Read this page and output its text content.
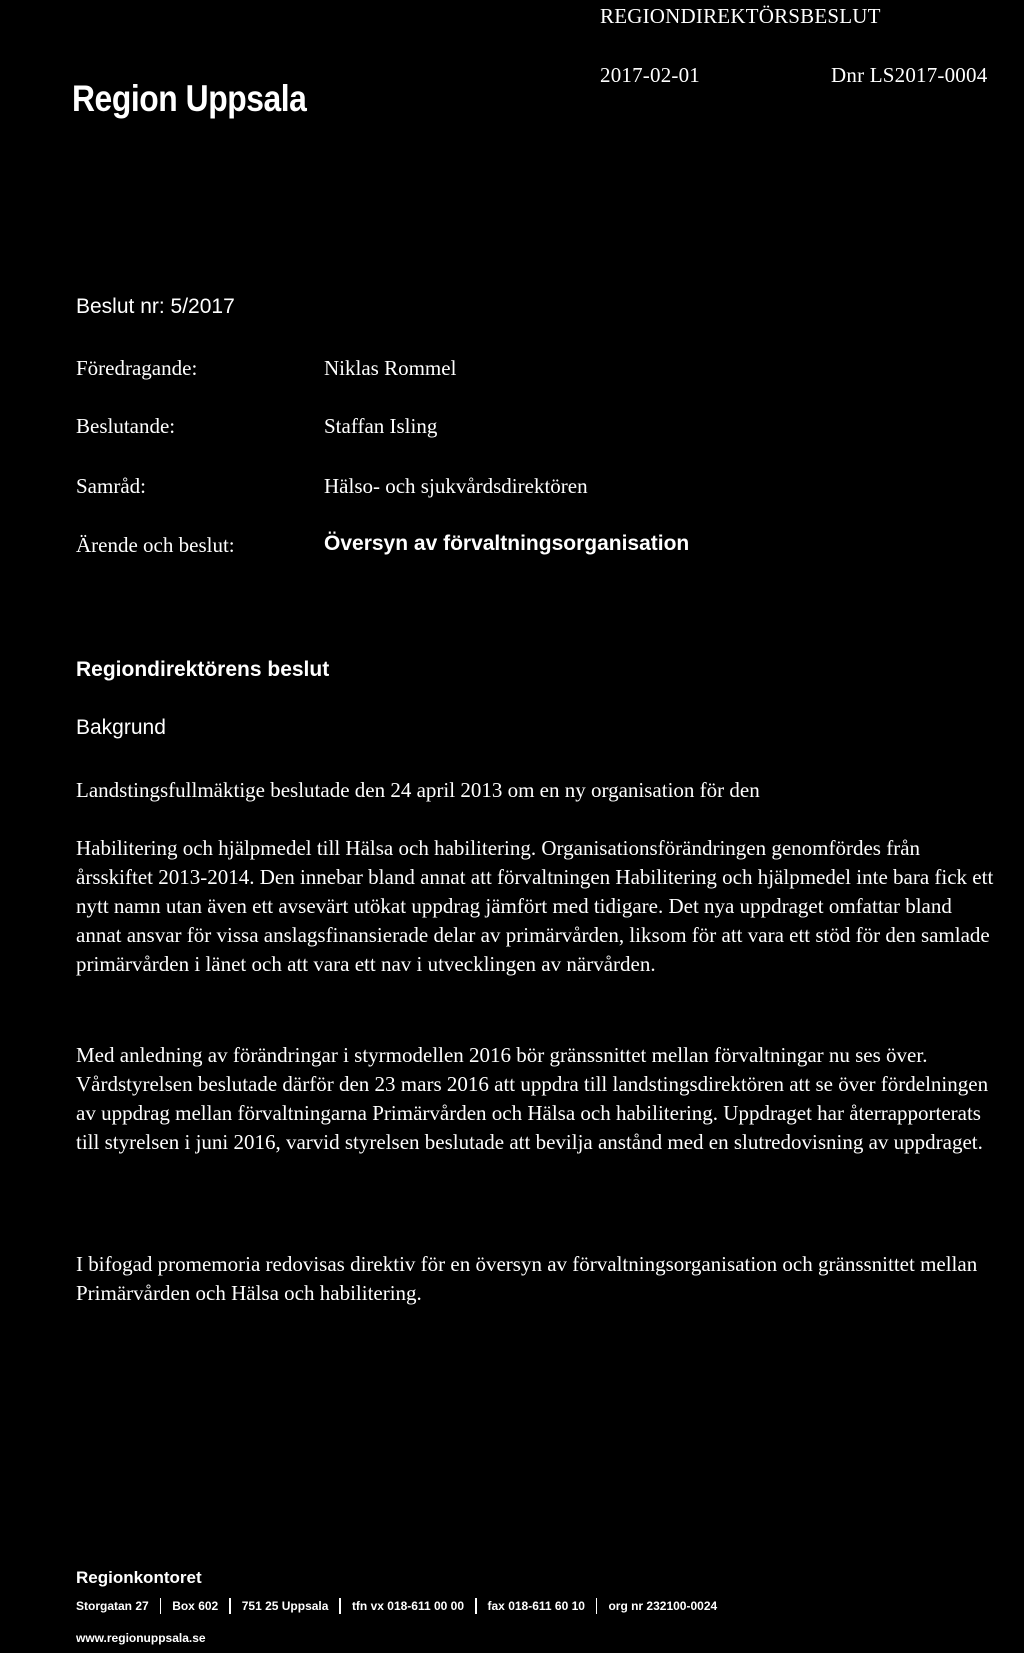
REGIONDIREKTÖRSBESLUT
Region Uppsala
2017-02-01	Dnr LS2017-0004
Beslut nr: 5/2017
Föredragande:	Niklas Rommel
Beslutande:	Staffan Isling
Samråd:	Hälso- och sjukvårdsdirektören
Ärende och beslut:	Översyn av förvaltningsorganisation
Regiondirektörens beslut
Bakgrund
Landstingsfullmäktige beslutade den 24 april 2013 om en ny organisation för den

Habilitering och hjälpmedel till Hälsa och habilitering. Organisationsförändringen genomfördes från årsskiftet 2013-2014. Den innebar bland annat att förvaltningen Habilitering och hjälpmedel inte bara fick ett nytt namn utan även ett avsevärt utökat uppdrag jämfört med tidigare. Det nya uppdraget omfattar bland annat ansvar för vissa anslagsfinansierade delar av primärvården, liksom för att vara ett stöd för den samlade primärvården i länet och att vara ett nav i utvecklingen av närvården.

Med anledning av förändringar i styrmodellen 2016 bör gränssnittet mellan förvaltningar nu ses över. Vårdstyrelsen beslutade därför den 23 mars 2016 att uppdra till landstingsdirektören att se över fördelningen av uppdrag mellan förvaltningarna Primärvården och Hälsa och habilitering. Uppdraget har återrapporterats till styrelsen i juni 2016, varvid styrelsen beslutade att bevilja anstånd med en slutredovisning av uppdraget.

I bifogad promemoria redovisas direktiv för en översyn av förvaltningsorganisation och gränssnittet mellan Primärvården och Hälsa och habilitering.

Regionkontoret
Storgatan 27 Box 602 751 25 Uppsala tfn vx 018-611 00 00 fax 018-611 60 10 org nr 232100-0024
www.regionuppsala.se
